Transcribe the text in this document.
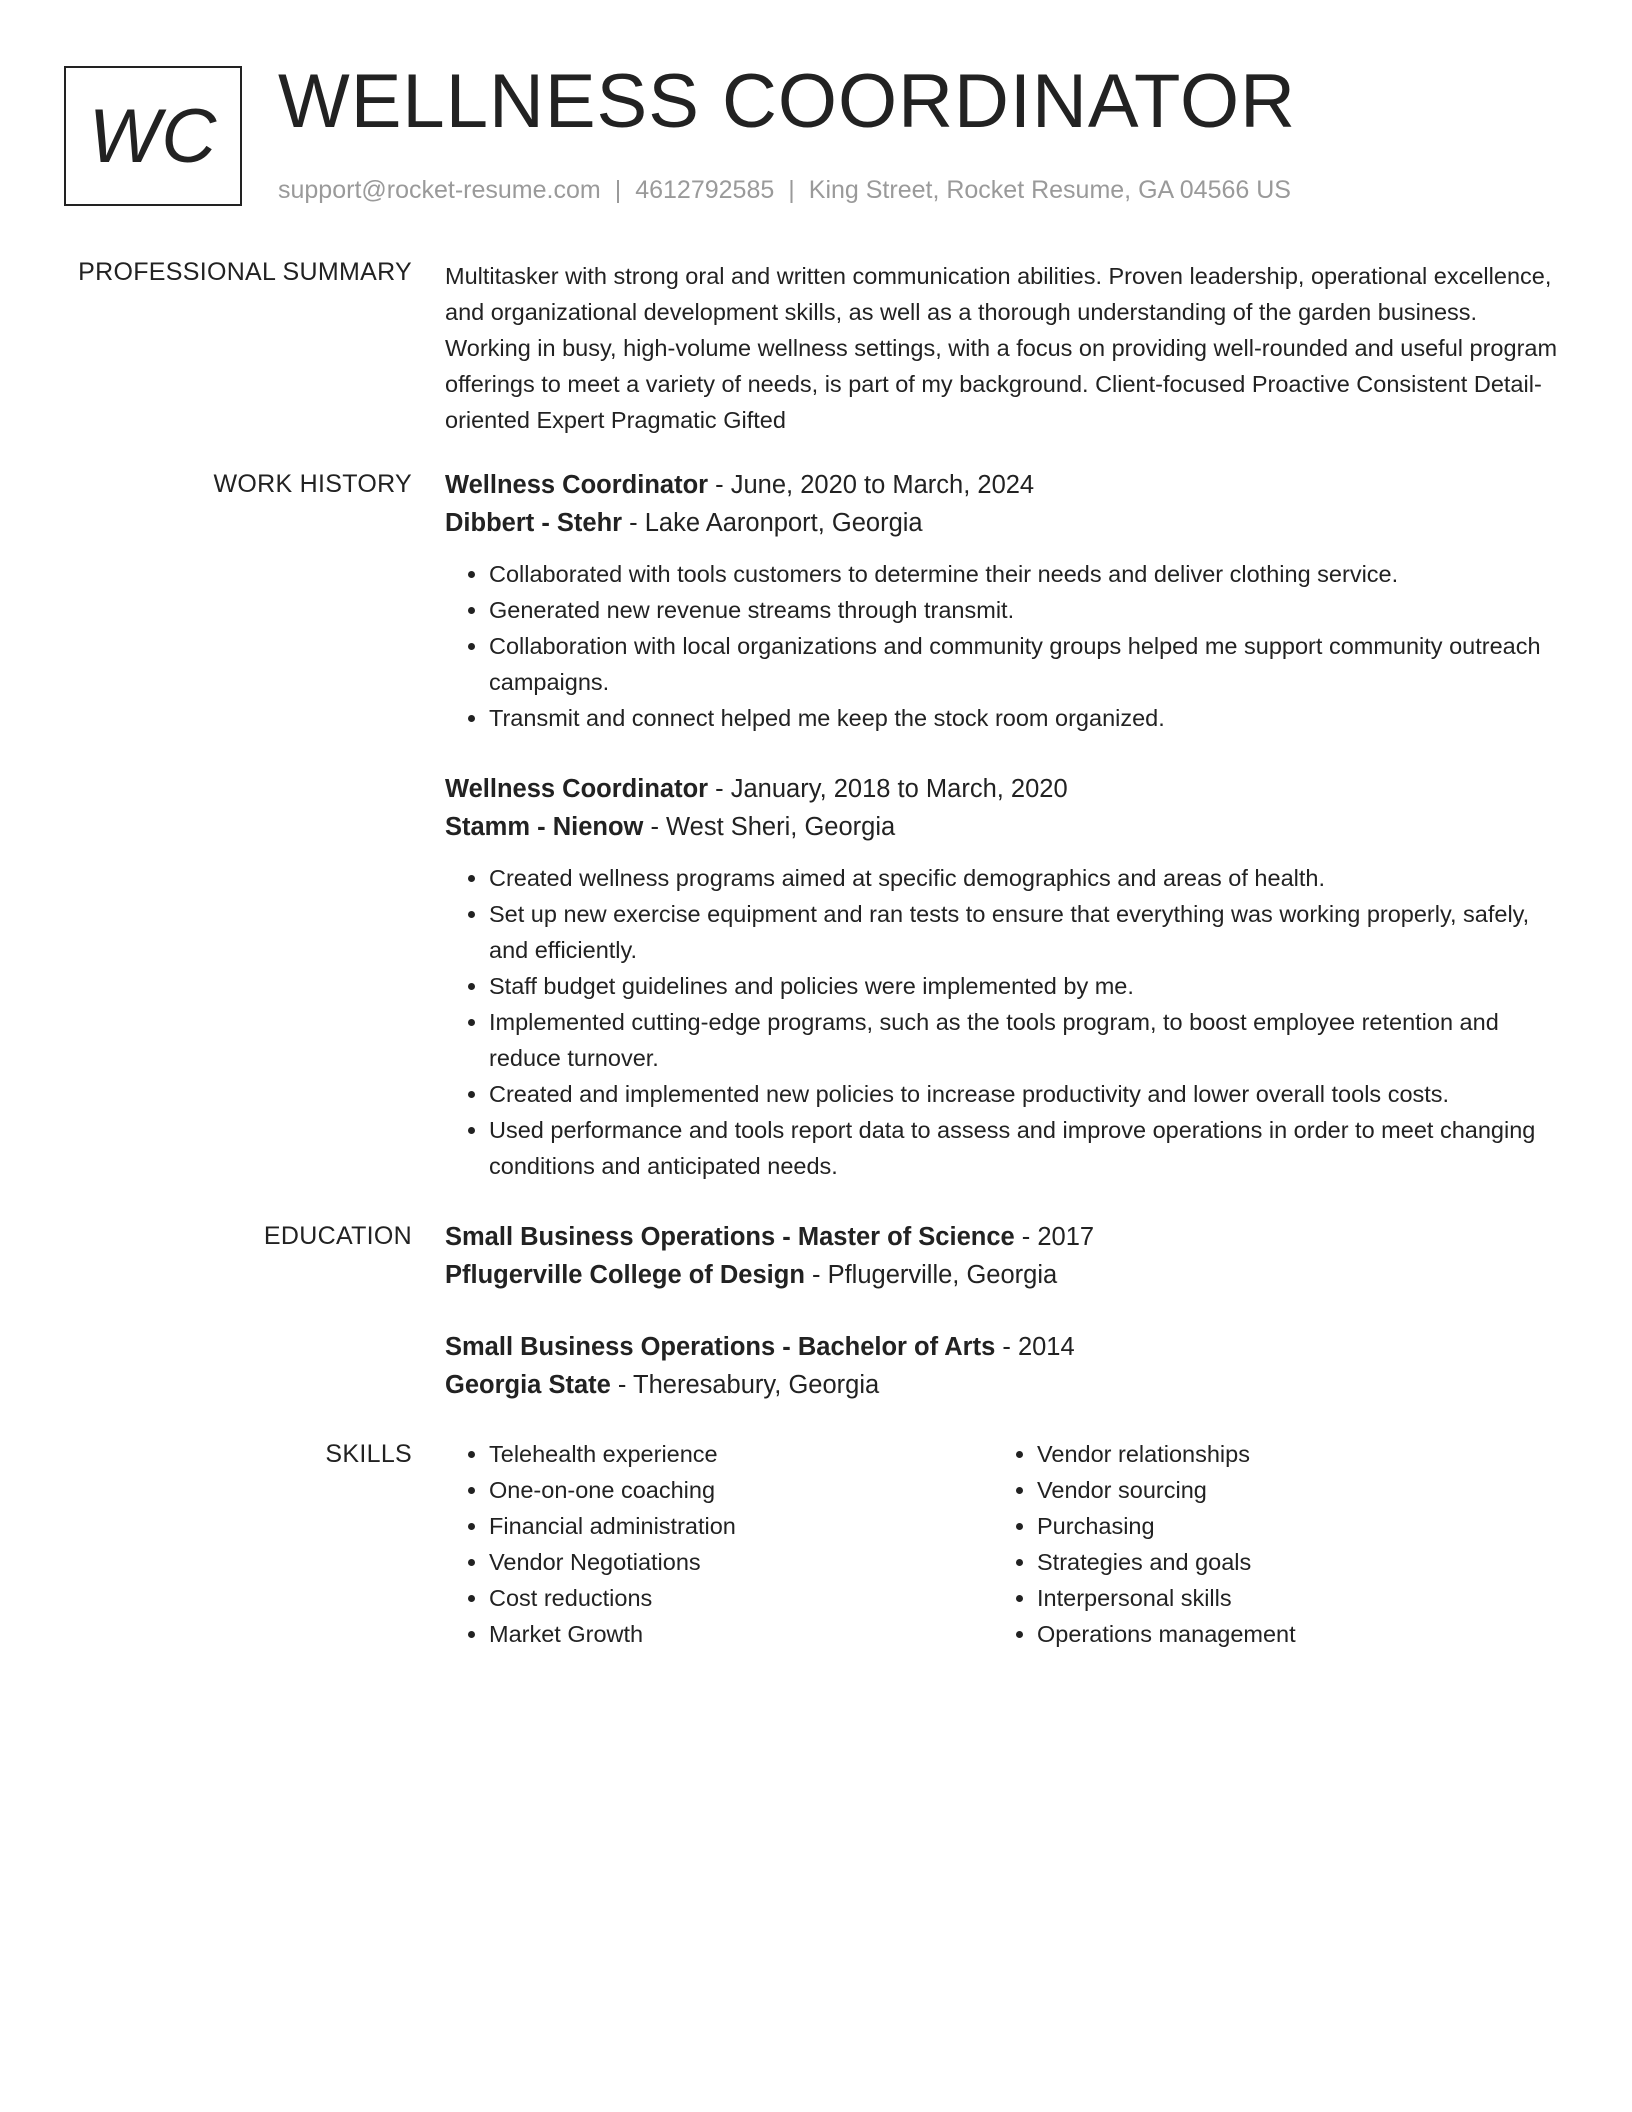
WC WELLNESS COORDINATOR
support@rocket-resume.com | 4612792585 | King Street, Rocket Resume, GA 04566 US
PROFESSIONAL SUMMARY Multitasker with strong oral and written communication abilities. Proven leadership, operational excellence, and organizational development skills, as well as a thorough understanding of the garden business. Working in busy, high-volume wellness settings, with a focus on providing well-rounded and useful program offerings to meet a variety of needs, is part of my background. Client-focused Proactive Consistent Detail-oriented Expert Pragmatic Gifted
WORK HISTORY Wellness Coordinator - June, 2020 to March, 2024
Dibbert - Stehr - Lake Aaronport, Georgia
• Collaborated with tools customers to determine their needs and deliver clothing service.
• Generated new revenue streams through transmit.
• Collaboration with local organizations and community groups helped me support community outreach campaigns.
• Transmit and connect helped me keep the stock room organized.
Wellness Coordinator - January, 2018 to March, 2020
Stamm - Nienow - West Sheri, Georgia
• Created wellness programs aimed at specific demographics and areas of health.
• Set up new exercise equipment and ran tests to ensure that everything was working properly, safely, and efficiently.
• Staff budget guidelines and policies were implemented by me.
• Implemented cutting-edge programs, such as the tools program, to boost employee retention and reduce turnover.
• Created and implemented new policies to increase productivity and lower overall tools costs.
• Used performance and tools report data to assess and improve operations in order to meet changing conditions and anticipated needs.
EDUCATION Small Business Operations - Master of Science - 2017
Pflugerville College of Design - Pflugerville, Georgia
Small Business Operations - Bachelor of Arts - 2014
Georgia State - Theresabury, Georgia
SKILLS
•	Telehealth experience
• One-on-one coaching
• Financial administration
• Vendor Negotiations
• Cost reductions
• Market Growth
• Vendor relationships
• Vendor sourcing
• Purchasing
• Strategies and goals
• Interpersonal skills
• Operations management
